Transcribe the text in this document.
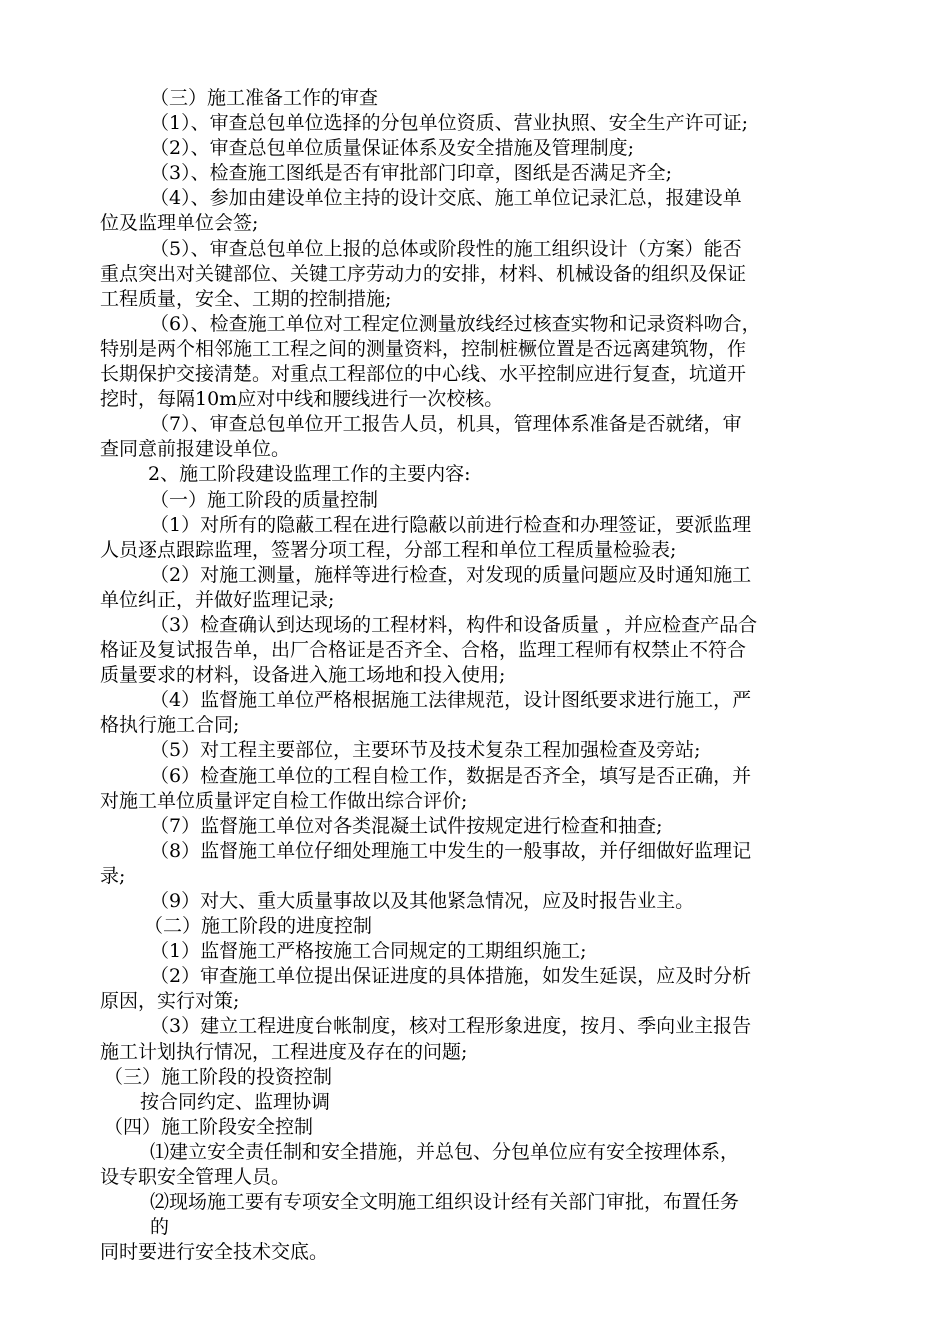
（三）施工准备工作的审查
（1）、审查总包单位选择的分包单位资质、营业执照、安全生产许可证;
（2）、审查总包单位质量保证体系及安全措施及管理制度;
（3）、检查施工图纸是否有审批部门印章，图纸是否满足齐全;
（4）、参加由建设单位主持的设计交底、施工单位记录汇总，报建设单
位及监理单位会签;
（5）、审查总包单位上报的总体或阶段性的施工组织设计（方案）能否
重点突出对关键部位、关键工序劳动力的安排，材料、机械设备的组织及保证
工程质量，安全、工期的控制措施;
（6）、检查施工单位对工程定位测量放线经过核查实物和记录资料吻合，
特别是两个相邻施工工程之间的测量资料，控制桩橛位置是否远离建筑物，作
长期保护交接清楚。对重点工程部位的中心线、水平控制应进行复查，坑道开
挖时，每隔10m应对中线和腰线进行一次校核。
（7）、审查总包单位开工报告人员，机具，管理体系准备是否就绪，审
查同意前报建设单位。
2、施工阶段建设监理工作的主要内容:
（一）施工阶段的质量控制
（1）对所有的隐蔽工程在进行隐蔽以前进行检查和办理签证，要派监理
人员逐点跟踪监理，签署分项工程，分部工程和单位工程质量检验表;
（2）对施工测量，施样等进行检查，对发现的质量问题应及时通知施工
单位纠正，并做好监理记录;
（3）检查确认到达现场的工程材料，构件和设备质量 ，并应检查产品合
格证及复试报告单，出厂合格证是否齐全、合格，监理工程师有权禁止不符合
质量要求的材料，设备进入施工场地和投入使用;
（4）监督施工单位严格根据施工法律规范，设计图纸要求进行施工，严
格执行施工合同;
（5）对工程主要部位，主要环节及技术复杂工程加强检查及旁站;
（6）检查施工单位的工程自检工作，数据是否齐全，填写是否正确，并
对施工单位质量评定自检工作做出综合评价;
（7）监督施工单位对各类混凝土试件按规定进行检查和抽查;
（8）监督施工单位仔细处理施工中发生的一般事故，并仔细做好监理记
录;
（9）对大、重大质量事故以及其他紧急情况，应及时报告业主。
（二）施工阶段的进度控制
（1）监督施工严格按施工合同规定的工期组织施工;
（2）审查施工单位提出保证进度的具体措施，如发生延误，应及时分析
原因，实行对策;
（3）建立工程进度台帐制度，核对工程形象进度，按月、季向业主报告
施工计划执行情况，工程进度及存在的问题;
（三）施工阶段的投资控制
按合同约定、监理协调
（四）施工阶段安全控制
⑴建立安全责任制和安全措施，并总包、分包单位应有安全按理体系，
设专职安全管理人员。
⑵现场施工要有专项安全文明施工组织设计经有关部门审批，布置任务
的
同时要进行安全技术交底。
